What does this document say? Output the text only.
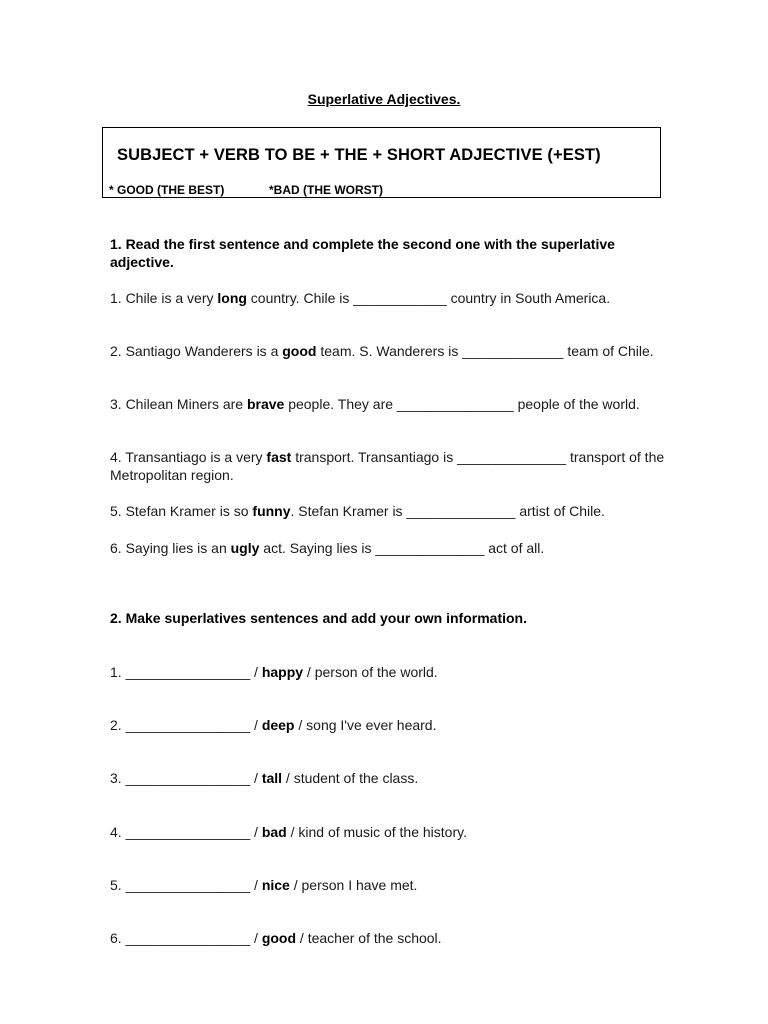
Superlative Adjectives.
SUBJECT + VERB TO BE + THE + SHORT ADJECTIVE (+EST)
* GOOD (THE BEST)	*BAD (THE WORST)
1. Read the first sentence and complete the second one with the superlative adjective.
1. Chile is a very long country. Chile is ____________ country in South America.
2. Santiago Wanderers is a good team. S. Wanderers is _____________ team of Chile.
3. Chilean Miners are brave people. They are _______________ people of the world.
4. Transantiago is a very fast transport. Transantiago is ______________ transport of the Metropolitan region.
5. Stefan Kramer is so funny. Stefan Kramer is ______________ artist of Chile.
6. Saying lies is an ugly act. Saying lies is ______________ act of all.
2. Make superlatives sentences and add your own information.
1. ________________ / happy / person of the world.
2. ________________ / deep / song I've ever heard.
3. ________________ / tall / student of the class.
4. ________________ / bad / kind of music of the history.
5. ________________ / nice / person I have met.
6. ________________ / good / teacher of the school.
